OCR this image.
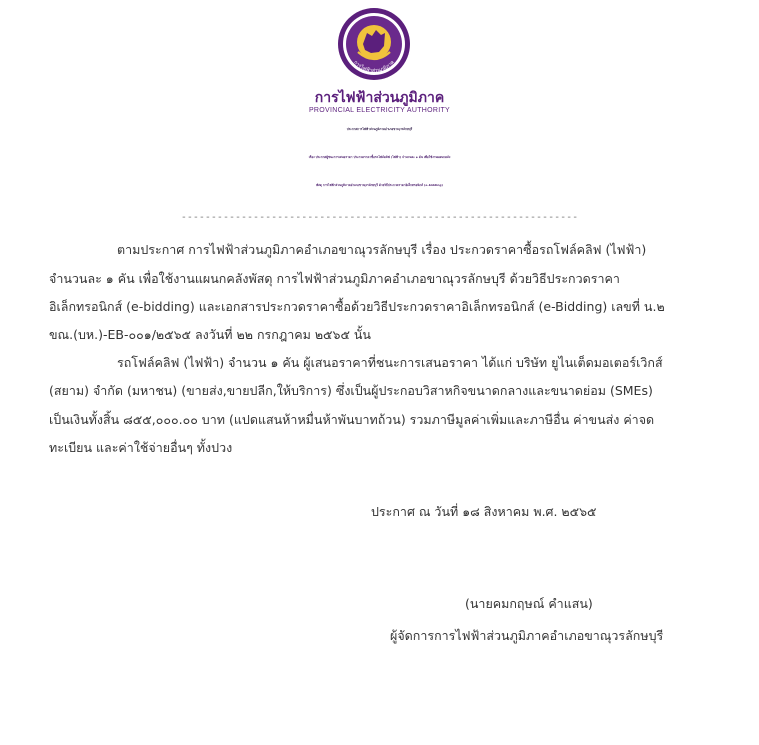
การไฟฟ้าส่วนภูมิภาค
การไฟฟ้าส่วนภูมิภาค
PROVINCIAL ELECTRICITY AUTHORITY
ประกาศการไฟฟ้าส่วนภูมิภาคอำเภอขาณุวรลักษบุรี
เรื่อง ประกาศผู้ชนะการเสนอราคา ประกวดราคาซื้อรถโฟล์คลิฟ (ไฟฟ้า) จำนวนละ ๑ คัน เพื่อใช้งานแผนกคลัง
พัสดุ การไฟฟ้าส่วนภูมิภาคอำเภอขาณุวรลักษบุรี ด้วยวิธีประกวดราคาอิเล็กทรอนิกส์ (e-bidding)
------------------------------------------------------------------
ตามประกาศ การไฟฟ้าส่วนภูมิภาคอำเภอขาณุวรลักษบุรี เรื่อง ประกวดราคาซื้อรถโฟล์คลิฟ (ไฟฟ้า)
จำนวนละ ๑ คัน เพื่อใช้งานแผนกคลังพัสดุ การไฟฟ้าส่วนภูมิภาคอำเภอขาณุวรลักษบุรี ด้วยวิธีประกวดราคา
อิเล็กทรอนิกส์ (e-bidding) และเอกสารประกวดราคาซื้อด้วยวิธีประกวดราคาอิเล็กทรอนิกส์ (e-Bidding) เลขที่ น.๒
ขณ.(บห.)-EB-๐๐๑/๒๕๖๕ ลงวันที่ ๒๒ กรกฎาคม ๒๕๖๕ นั้น
รถโฟล์คลิฟ (ไฟฟ้า) จำนวน ๑ คัน ผู้เสนอราคาที่ชนะการเสนอราคา ได้แก่ บริษัท ยูไนเต็ดมอเตอร์เวิกส์
(สยาม) จำกัด (มหาชน) (ขายส่ง,ขายปลีก,ให้บริการ) ซึ่งเป็นผู้ประกอบวิสาหกิจขนาดกลางและขนาดย่อม (SMEs)
เป็นเงินทั้งสิ้น ๘๕๕,๐๐๐.๐๐ บาท (แปดแสนห้าหมื่นห้าพันบาทถ้วน) รวมภาษีมูลค่าเพิ่มและภาษีอื่น ค่าขนส่ง ค่าจด
ทะเบียน และค่าใช้จ่ายอื่นๆ ทั้งปวง
ประกาศ ณ วันที่ ๑๘ สิงหาคม พ.ศ. ๒๕๖๕
(นายคมกฤษณ์ คำแสน)
ผู้จัดการการไฟฟ้าส่วนภูมิภาคอำเภอขาณุวรลักษบุรี
